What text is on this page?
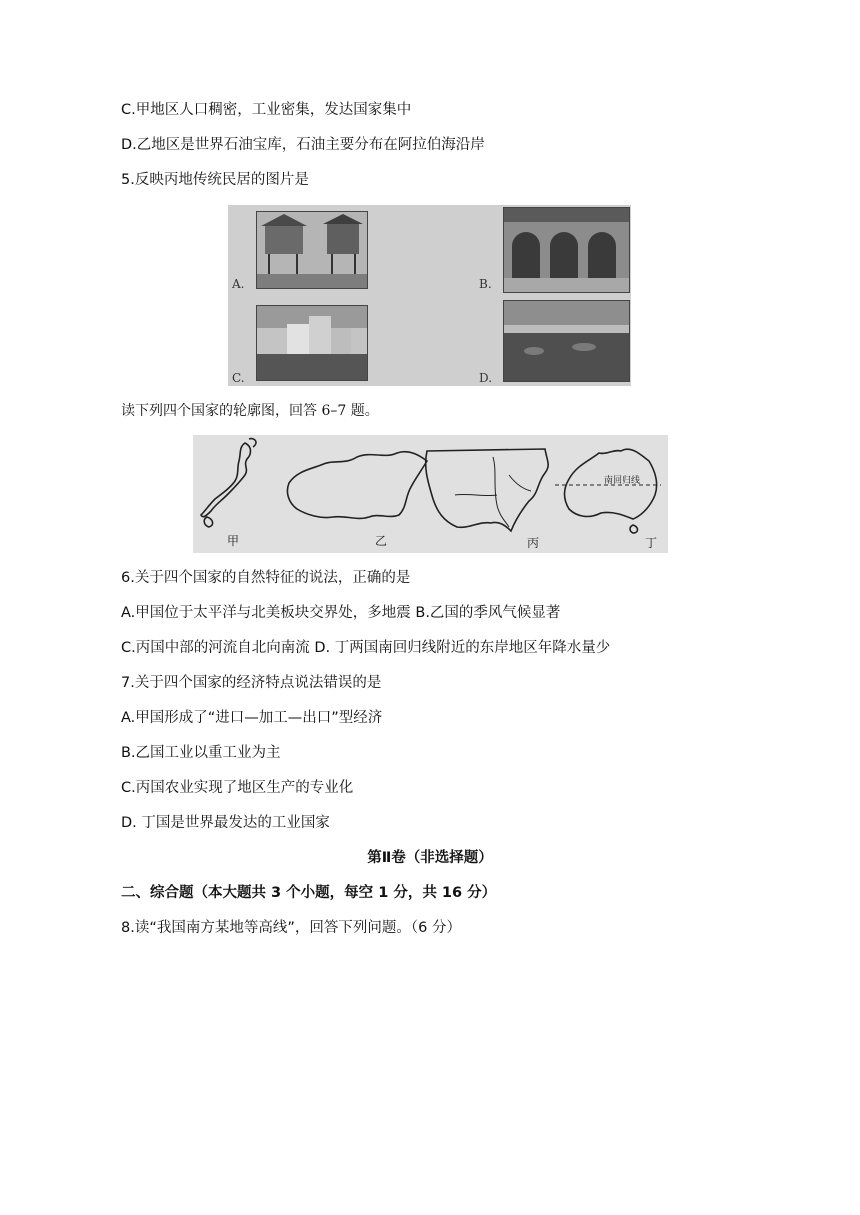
C.甲地区人口稠密，工业密集，发达国家集中
D.乙地区是世界石油宝库，石油主要分布在阿拉伯海沿岸
5.反映丙地传统民居的图片是
A.	B.
C.	D.
读下列四个国家的轮廓图，回答 6–7 题。
南回归线
甲	乙	丙	丁
6.关于四个国家的自然特征的说法，正确的是
A.甲国位于太平洋与北美板块交界处，多地震 B.乙国的季风气候显著
C.丙国中部的河流自北向南流 D. 丁两国南回归线附近的东岸地区年降水量少
7.关于四个国家的经济特点说法错误的是
A.甲国形成了“进口—加工—出口”型经济
B.乙国工业以重工业为主
C.丙国农业实现了地区生产的专业化
D. 丁国是世界最发达的工业国家
第Ⅱ卷（非选择题）
二、综合题（本大题共 3 个小题，每空 1 分，共 16 分）
8.读“我国南方某地等高线”，回答下列问题。（6 分）
